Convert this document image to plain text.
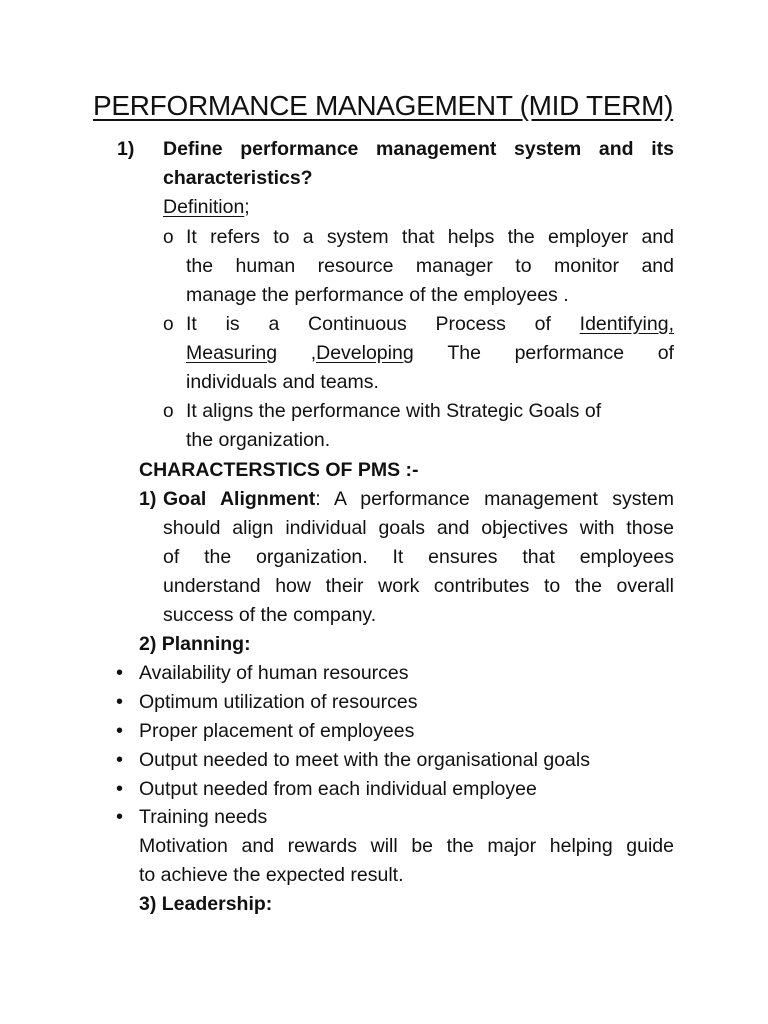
PERFORMANCE MANAGEMENT (MID TERM)
1) Define performance management system and its
characteristics?
Definition;
o It refers to a system that helps the employer and
the human resource manager to monitor and
manage the performance of the employees .
o It is a Continuous Process of Identifying,
Measuring ,Developing The performance of
individuals and teams.
o It aligns the performance with Strategic Goals of
the organization.
CHARACTERSTICS OF PMS :-
1) Goal Alignment: A performance management system
should align individual goals and objectives with those
of the organization. It ensures that employees
understand how their work contributes to the overall
success of the company.
2) Planning:
• Availability of human resources
• Optimum utilization of resources
• Proper placement of employees
• Output needed to meet with the organisational goals
• Output needed from each individual employee
• Training needs
Motivation and rewards will be the major helping guide
to achieve the expected result.
3) Leadership:
